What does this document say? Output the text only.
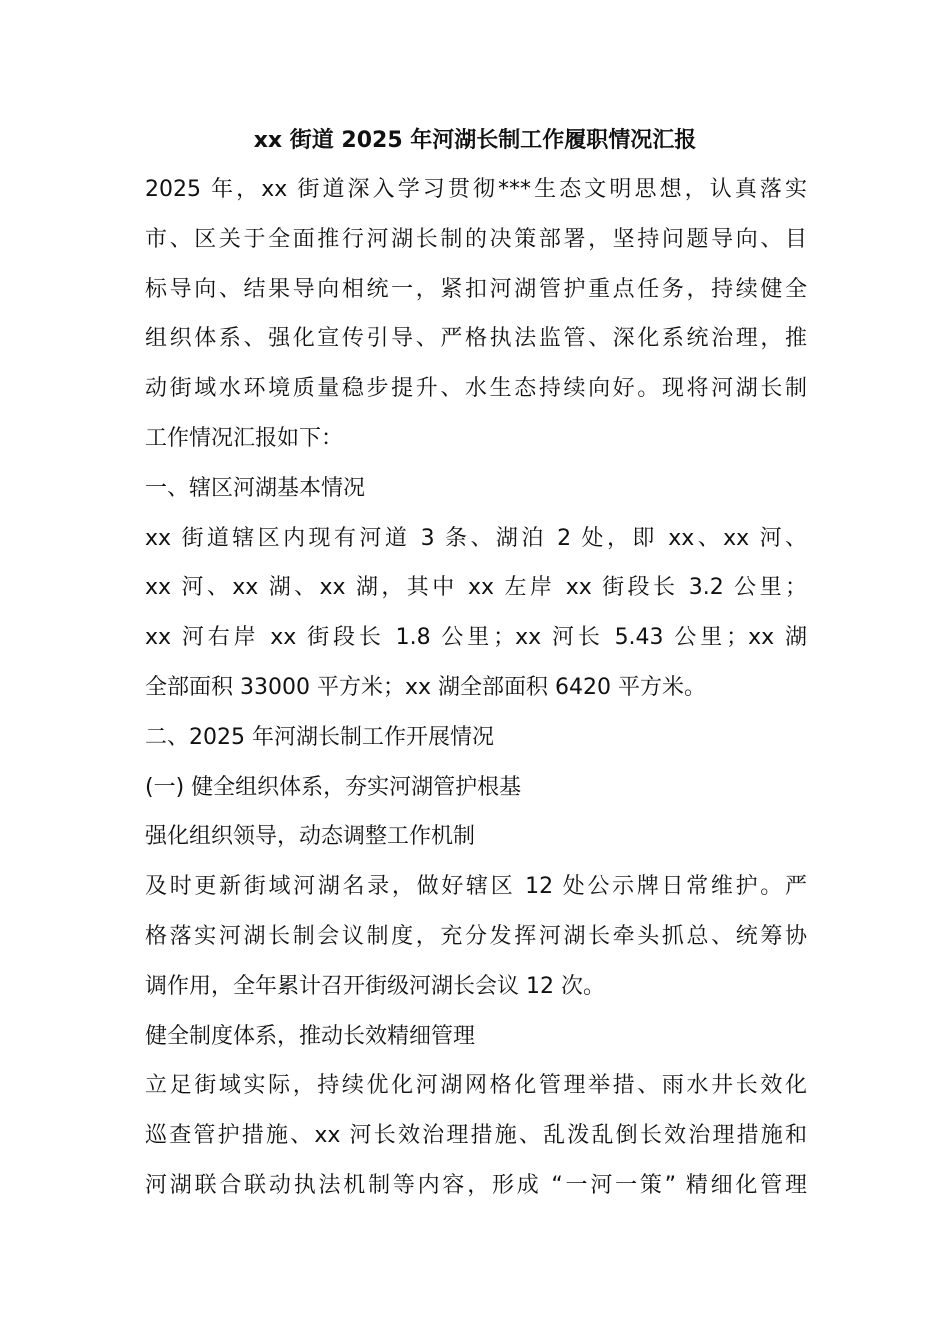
xx 街道 2025 年河湖长制工作履职情况汇报
2025 年，xx 街道深入学习贯彻***生态文明思想，认真落实
市、区关于全面推行河湖长制的决策部署，坚持问题导向、目
标导向、结果导向相统一，紧扣河湖管护重点任务，持续健全
组织体系、强化宣传引导、严格执法监管、深化系统治理，推
动街域水环境质量稳步提升、水生态持续向好。现将河湖长制
工作情况汇报如下：
一、辖区河湖基本情况
xx 街道辖区内现有河道 3 条、湖泊 2 处，即 xx、xx 河、
xx 河、xx 湖、xx 湖，其中 xx 左岸 xx 街段长 3.2 公里；
xx 河右岸 xx 街段长 1.8 公里；xx 河长 5.43 公里；xx 湖
全部面积 33000 平方米；xx 湖全部面积 6420 平方米。
二、2025 年河湖长制工作开展情况
(一) 健全组织体系，夯实河湖管护根基
强化组织领导，动态调整工作机制
及时更新街域河湖名录，做好辖区 12 处公示牌日常维护。严
格落实河湖长制会议制度，充分发挥河湖长牵头抓总、统筹协
调作用，全年累计召开街级河湖长会议 12 次。
健全制度体系，推动长效精细管理
立足街域实际，持续优化河湖网格化管理举措、雨水井长效化
巡查管护措施、xx 河长效治理措施、乱泼乱倒长效治理措施和
河湖联合联动执法机制等内容，形成 “一河一策” 精细化管理
